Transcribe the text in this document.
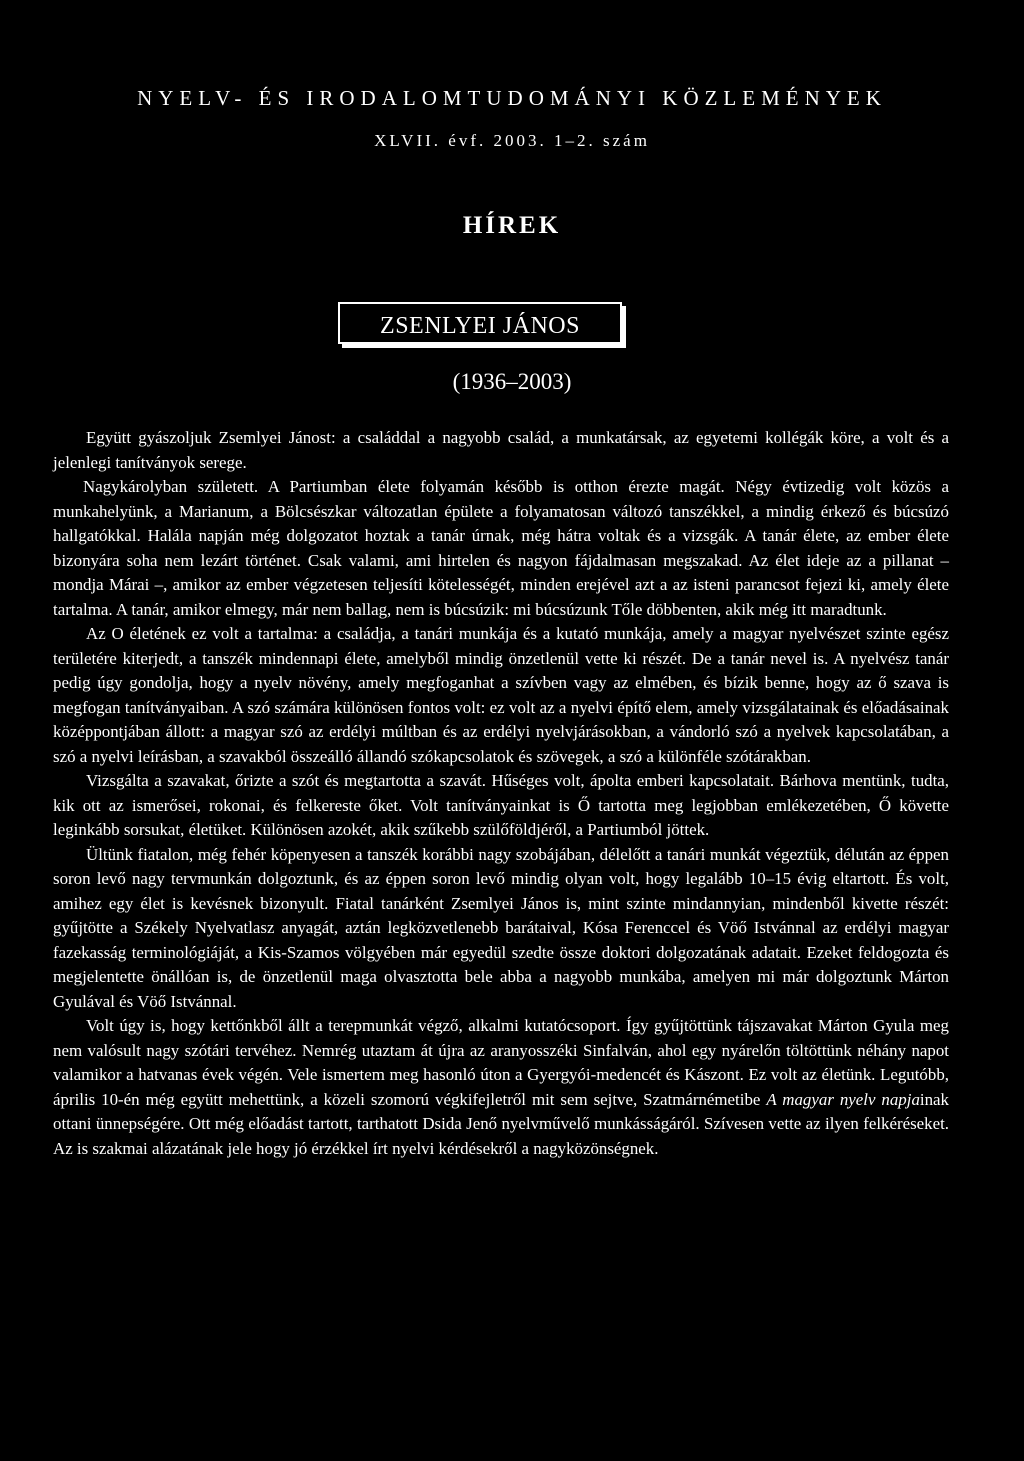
NYELV- ÉS IRODALOMTUDOMÁNYI KÖZLEMÉNYEK
XLVII. évf. 2003. 1–2. szám
HÍREK
ZSENLYEI JÁNOS
(1936–2003)

Együtt gyászoljuk Zsemlyei Jánost: a családdal a nagyobb család, a munkatársak, az egyetemi kollégák köre, a volt és a jelenlegi tanítványok serege.

Nagykárolyban született. A Partiumban élete folyamán később is otthon érezte magát. Négy évtizedig volt közös a munkahelyünk, a Marianum, a Bölcsészkar változatlan épülete a folyamatosan változó tanszékkel, a mindig érkező és búcsúzó hallgatókkal. Halála napján még dolgozatot hoztak a tanár úrnak, még hátra voltak és a vizsgák. A tanár élete, az ember élete bizonyára soha nem lezárt történet. Csak valami, ami hirtelen és nagyon fájdalmasan megszakad. Az élet ideje az a pillanat – mondja Márai –, amikor az ember végzetesen teljesíti kötelességét, minden erejével azt a az isteni parancsot fejezi ki, amely élete tartalma. A tanár, amikor elmegy, már nem ballag, nem is búcsúzik: mi búcsúzunk Tőle döbbenten, akik még itt maradtunk.

Az O életének ez volt a tartalma: a családja, a tanári munkája és a kutató munkája, amely a magyar nyelvészet szinte egész területére kiterjedt, a tanszék mindennapi élete, amelyből mindig önzetlenül vette ki részét. De a tanár nevel is. A nyelvész tanár pedig úgy gondolja, hogy a nyelv növény, amely megfoganhat a szívben vagy az elmében, és bízik benne, hogy az ő szava is megfogan tanítványaiban. A szó számára különösen fontos volt: ez volt az a nyelvi építő elem, amely vizsgálatainak és előadásainak középpontjában állott: a magyar szó az erdélyi múltban és az erdélyi nyelvjárásokban, a vándorló szó a nyelvek kapcsolatában, a szó a nyelvi leírásban, a szavakból összeálló állandó szókapcsolatok és szövegek, a szó a különféle szótárakban.

Vizsgálta a szavakat, őrizte a szót és megtartotta a szavát. Hűséges volt, ápolta emberi kapcsolatait. Bárhova mentünk, tudta, kik ott az ismerősei, rokonai, és felkereste őket. Volt tanítványainkat is Ő tartotta meg legjobban emlékezetében, Ő követte leginkább sorsukat, életüket. Különösen azokét, akik szűkebb szülőföldjéről, a Partiumból jöttek.

Ültünk fiatalon, még fehér köpenyesen a tanszék korábbi nagy szobájában, délelőtt a tanári munkát végeztük, délután az éppen soron levő nagy tervmunkán dolgoztunk, és az éppen soron levő mindig olyan volt, hogy legalább 10–15 évig eltartott. És volt, amihez egy élet is kevésnek bizonyult. Fiatal tanárként Zsemlyei János is, mint szinte mindannyian, mindenből kivette részét: gyűjtötte a Székely Nyelvatlasz anyagát, aztán legközvetlenebb barátaival, Kósa Ferenccel és Vöő Istvánnal az erdélyi magyar fazekasság terminológiáját, a Kis-Szamos völgyében már egyedül szedte össze doktori dolgozatának adatait. Ezeket feldogozta és megjelentette önállóan is, de önzetlenül maga olvasztotta bele abba a nagyobb munkába, amelyen mi már dolgoztunk Márton Gyulával és Vöő Istvánnal.

Volt úgy is, hogy kettőnkből állt a terepmunkát végző, alkalmi kutatócsoport. Így gyűjtöttünk tájszavakat Márton Gyula meg nem valósult nagy szótári tervéhez. Nemrég utaztam át újra az aranyosszéki Sinfalván, ahol egy nyárelőn töltöttünk néhány napot valamikor a hatvanas évek végén. Vele ismertem meg hasonló úton a Gyergyói-medencét és Kászont. Ez volt az életünk. Legutóbb, április 10-én még együtt mehettünk, a közeli szomorú végkifejletről mit sem sejtve, Szatmárnémetibe A magyar nyelv napjainak ottani ünnepségére. Ott még előadást tartott, tarthatott Dsida Jenő nyelvművelő munkásságáról. Szívesen vette az ilyen felkéréseket. Az is szakmai alázatának jele hogy jó érzékkel írt nyelvi kérdésekről a nagyközönségnek.
